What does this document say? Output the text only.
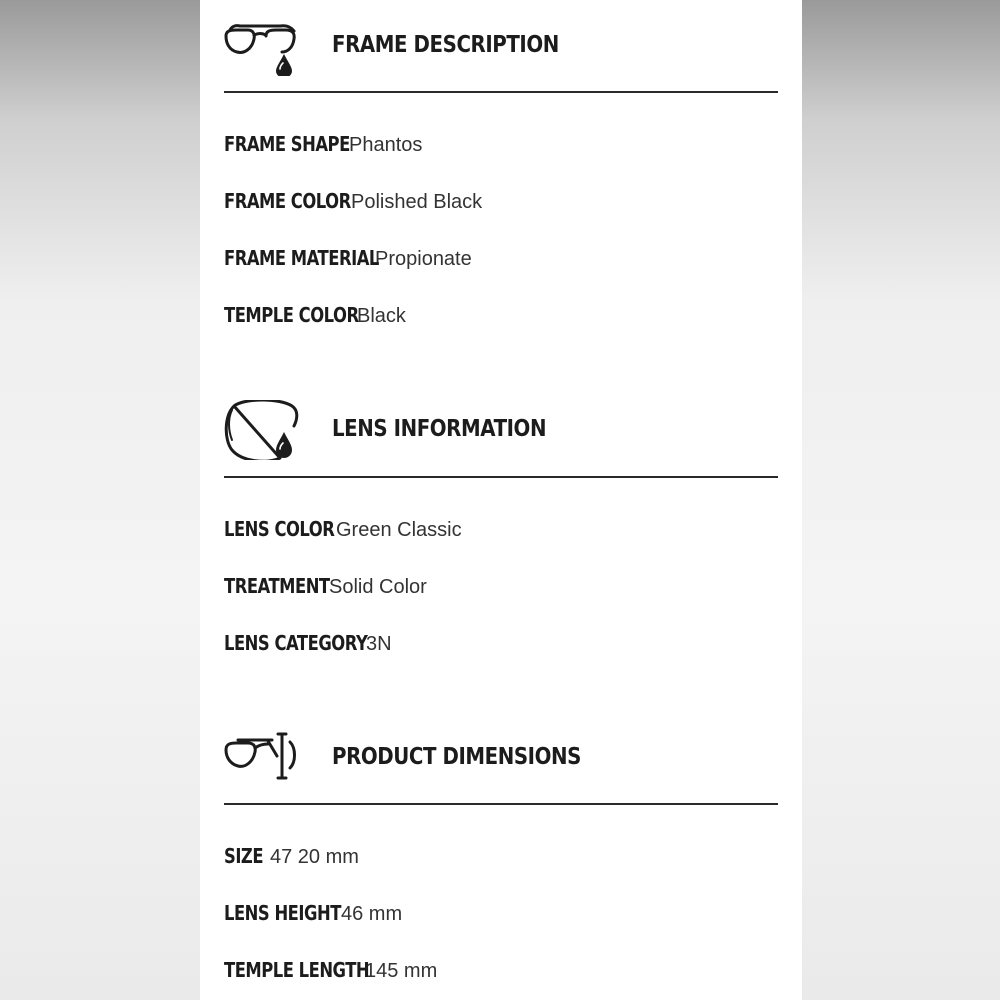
FRAME DESCRIPTION
FRAME SHAPE Phantos
FRAME COLOR Polished Black
FRAME MATERIAL
Propionate
TEMPLE COLOR
Black
LENS INFORMATION
LENS COLOR Green Classic
TREATMENT Solid Color
LENS CATEGORY
3N
PRODUCT DIMENSIONS
SIZE 47 20 mm
LENS HEIGHT 46 mm
TEMPLE LENGTH
145 mm
